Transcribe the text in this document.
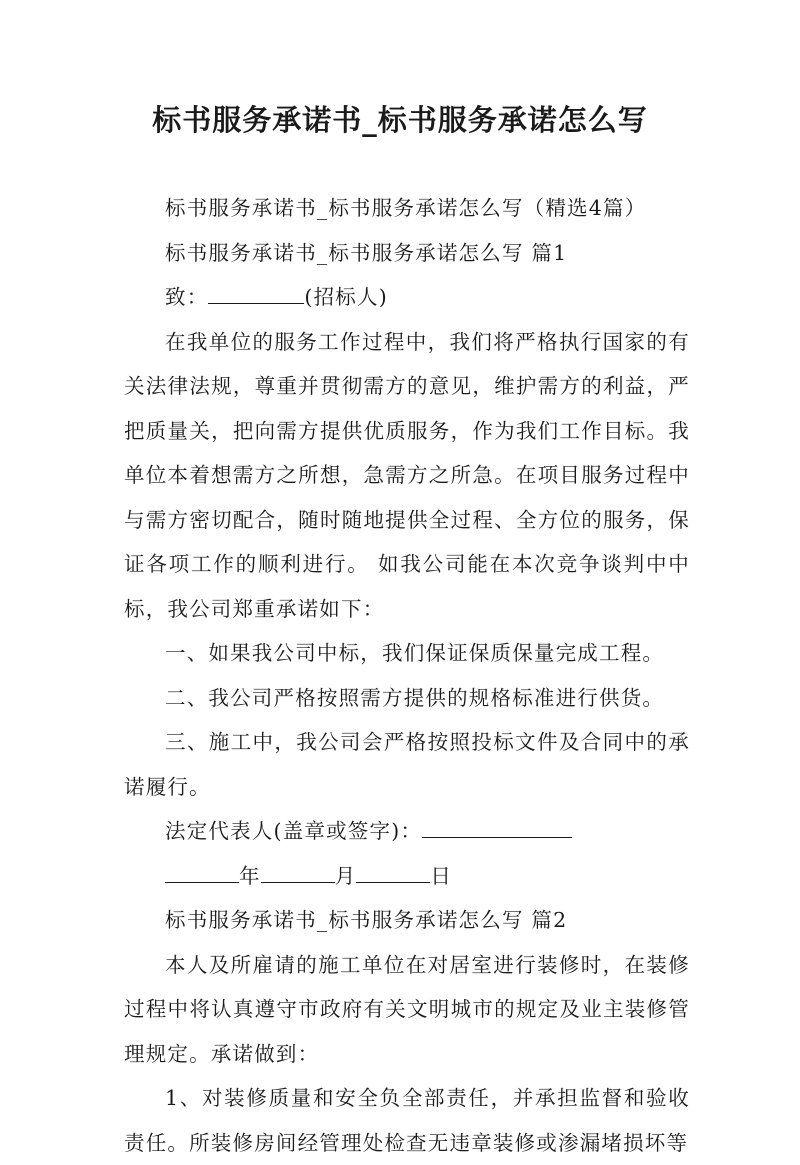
标书服务承诺书_标书服务承诺怎么写

标书服务承诺书_标书服务承诺怎么写（精选4篇）

标书服务承诺书_标书服务承诺怎么写 篇1

致：	(招标人)

在我单位的服务工作过程中，我们将严格执行国家的有关法律法规，尊重并贯彻需方的意见，维护需方的利益，严把质量关，把向需方提供优质服务，作为我们工作目标。我单位本着想需方之所想，急需方之所急。在项目服务过程中与需方密切配合，随时随地提供全过程、全方位的服务，保证各项工作的顺利进行。 如我公司能在本次竞争谈判中中标，我公司郑重承诺如下：

一、如果我公司中标，我们保证保质保量完成工程。

二、我公司严格按照需方提供的规格标准进行供货。

三、施工中，我公司会严格按照投标文件及合同中的承诺履行。

法定代表人(盖章或签字)：

年	月	日

标书服务承诺书_标书服务承诺怎么写 篇2

本人及所雇请的施工单位在对居室进行装修时，在装修过程中将认真遵守市政府有关文明城市的规定及业主装修管理规定。承诺做到：

1、对装修质量和安全负全部责任，并承担监督和验收责任。所装修房间经管理处检查无违章装修或渗漏堵损坏等
